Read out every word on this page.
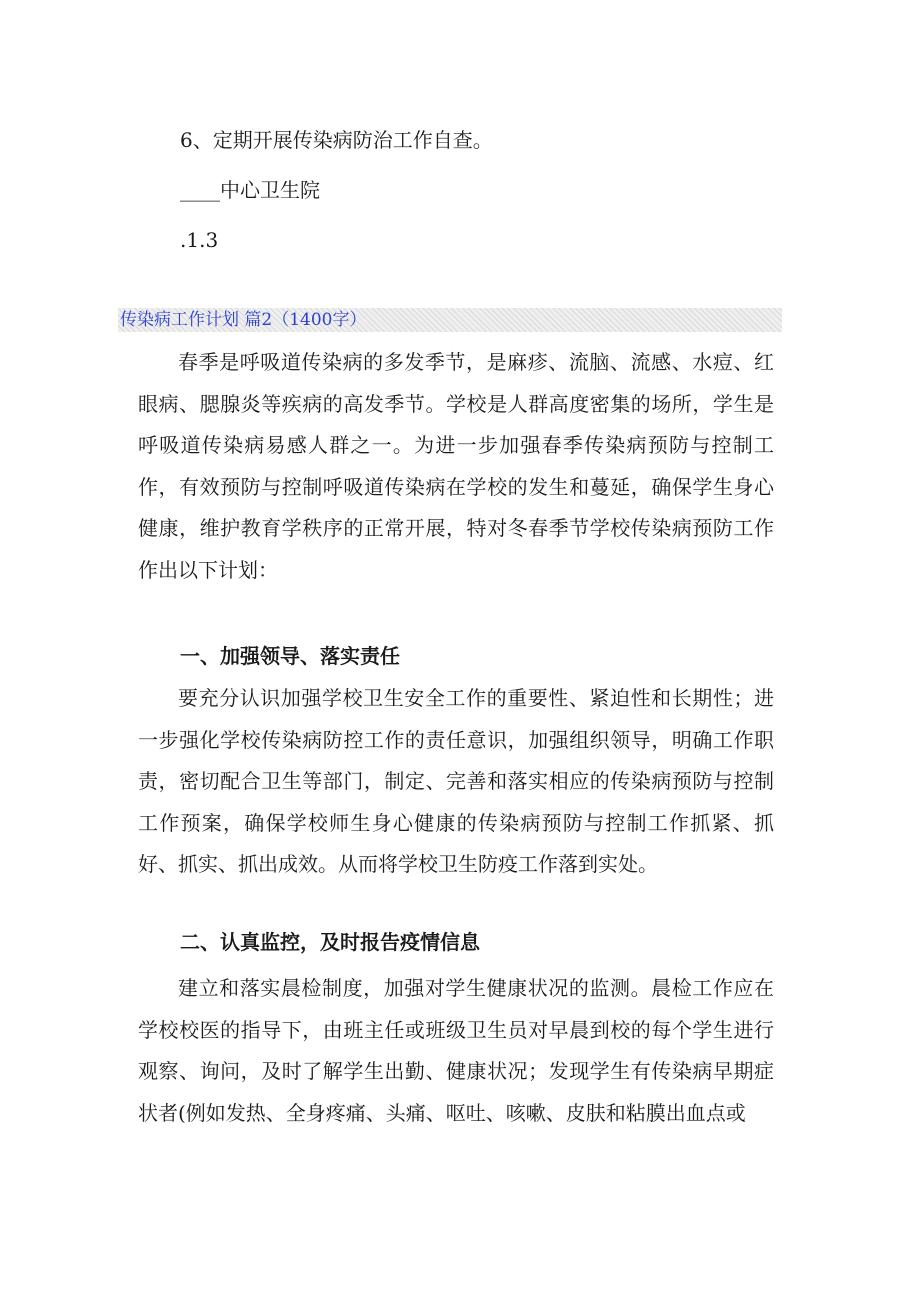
6、定期开展传染病防治工作自查。
____中心卫生院
.1.3
传染病工作计划 篇2（1400字）
春季是呼吸道传染病的多发季节，是麻疹、流脑、流感、水痘、红眼病、腮腺炎等疾病的高发季节。学校是人群高度密集的场所，学生是呼吸道传染病易感人群之一。为进一步加强春季传染病预防与控制工作，有效预防与控制呼吸道传染病在学校的发生和蔓延，确保学生身心健康，维护教育学秩序的正常开展，特对冬春季节学校传染病预防工作作出以下计划：
一、加强领导、落实责任
要充分认识加强学校卫生安全工作的重要性、紧迫性和长期性；进一步强化学校传染病防控工作的责任意识，加强组织领导，明确工作职责，密切配合卫生等部门，制定、完善和落实相应的传染病预防与控制工作预案，确保学校师生身心健康的传染病预防与控制工作抓紧、抓好、抓实、抓出成效。从而将学校卫生防疫工作落到实处。
二、认真监控，及时报告疫情信息
建立和落实晨检制度，加强对学生健康状况的监测。晨检工作应在学校校医的指导下，由班主任或班级卫生员对早晨到校的每个学生进行观察、询问，及时了解学生出勤、健康状况；发现学生有传染病早期症状者(例如发热、全身疼痛、头痛、呕吐、咳嗽、皮肤和粘膜出血点或
